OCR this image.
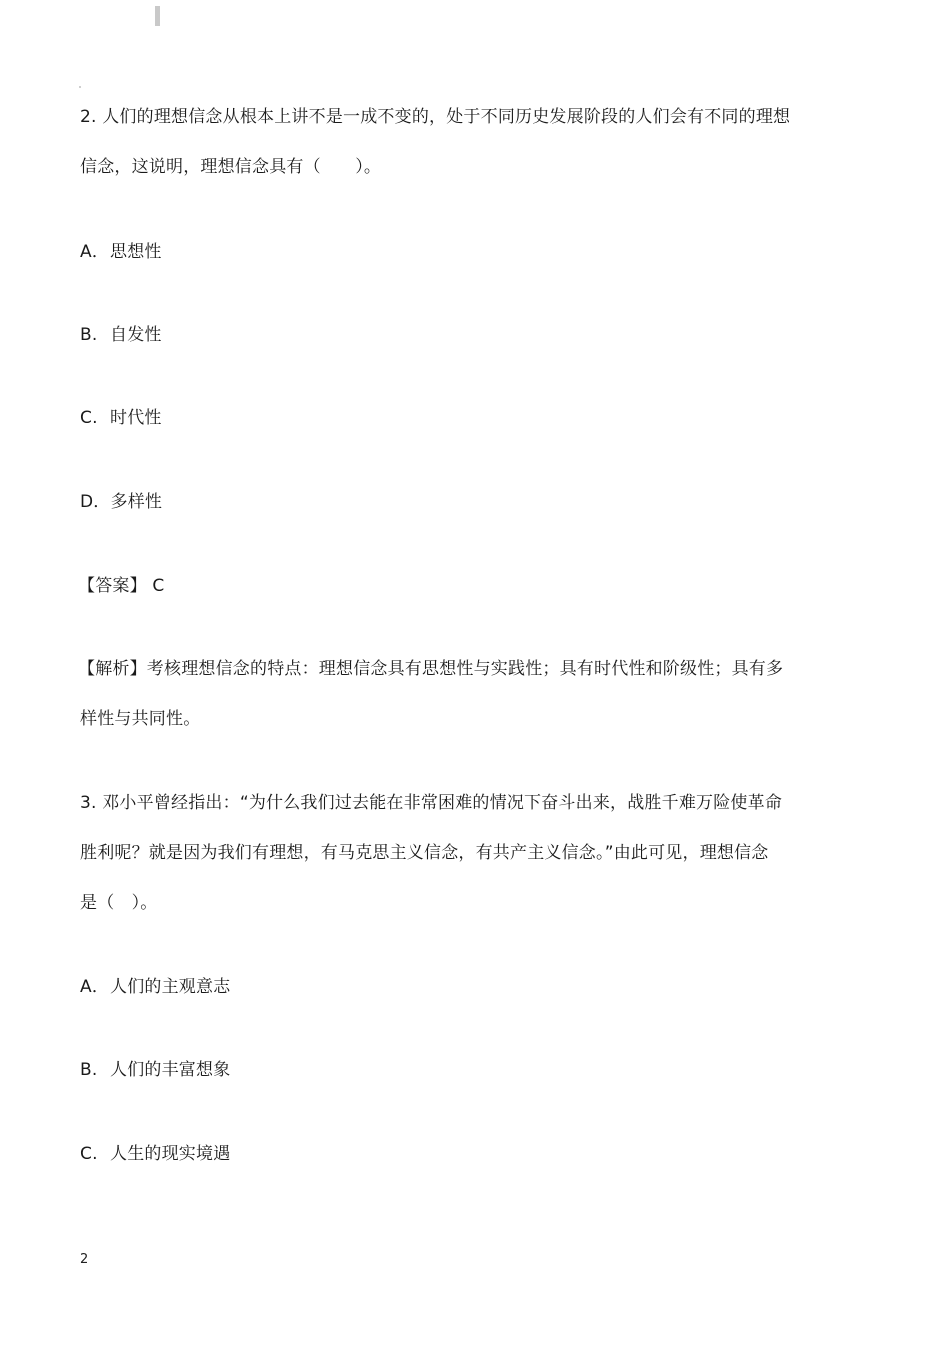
2. 人们的理想信念从根本上讲不是一成不变的，处于不同历史发展阶段的人们会有不同的理想
信念，这说明，理想信念具有（　　）。
A．思想性
B. 自发性
C. 时代性
D．多样性
【答案】 C
【解析】考核理想信念的特点：理想信念具有思想性与实践性；具有时代性和阶级性；具有多
样性与共同性。
3. 邓小平曾经指出：“为什么我们过去能在非常困难的情况下奋斗出来，战胜千难万险使革命
胜利呢？就是因为我们有理想，有马克思主义信念，有共产主义信念。”由此可见，理想信念
是（　）。
A．人们的主观意志
B. 人们的丰富想象
C. 人生的现实境遇
2
